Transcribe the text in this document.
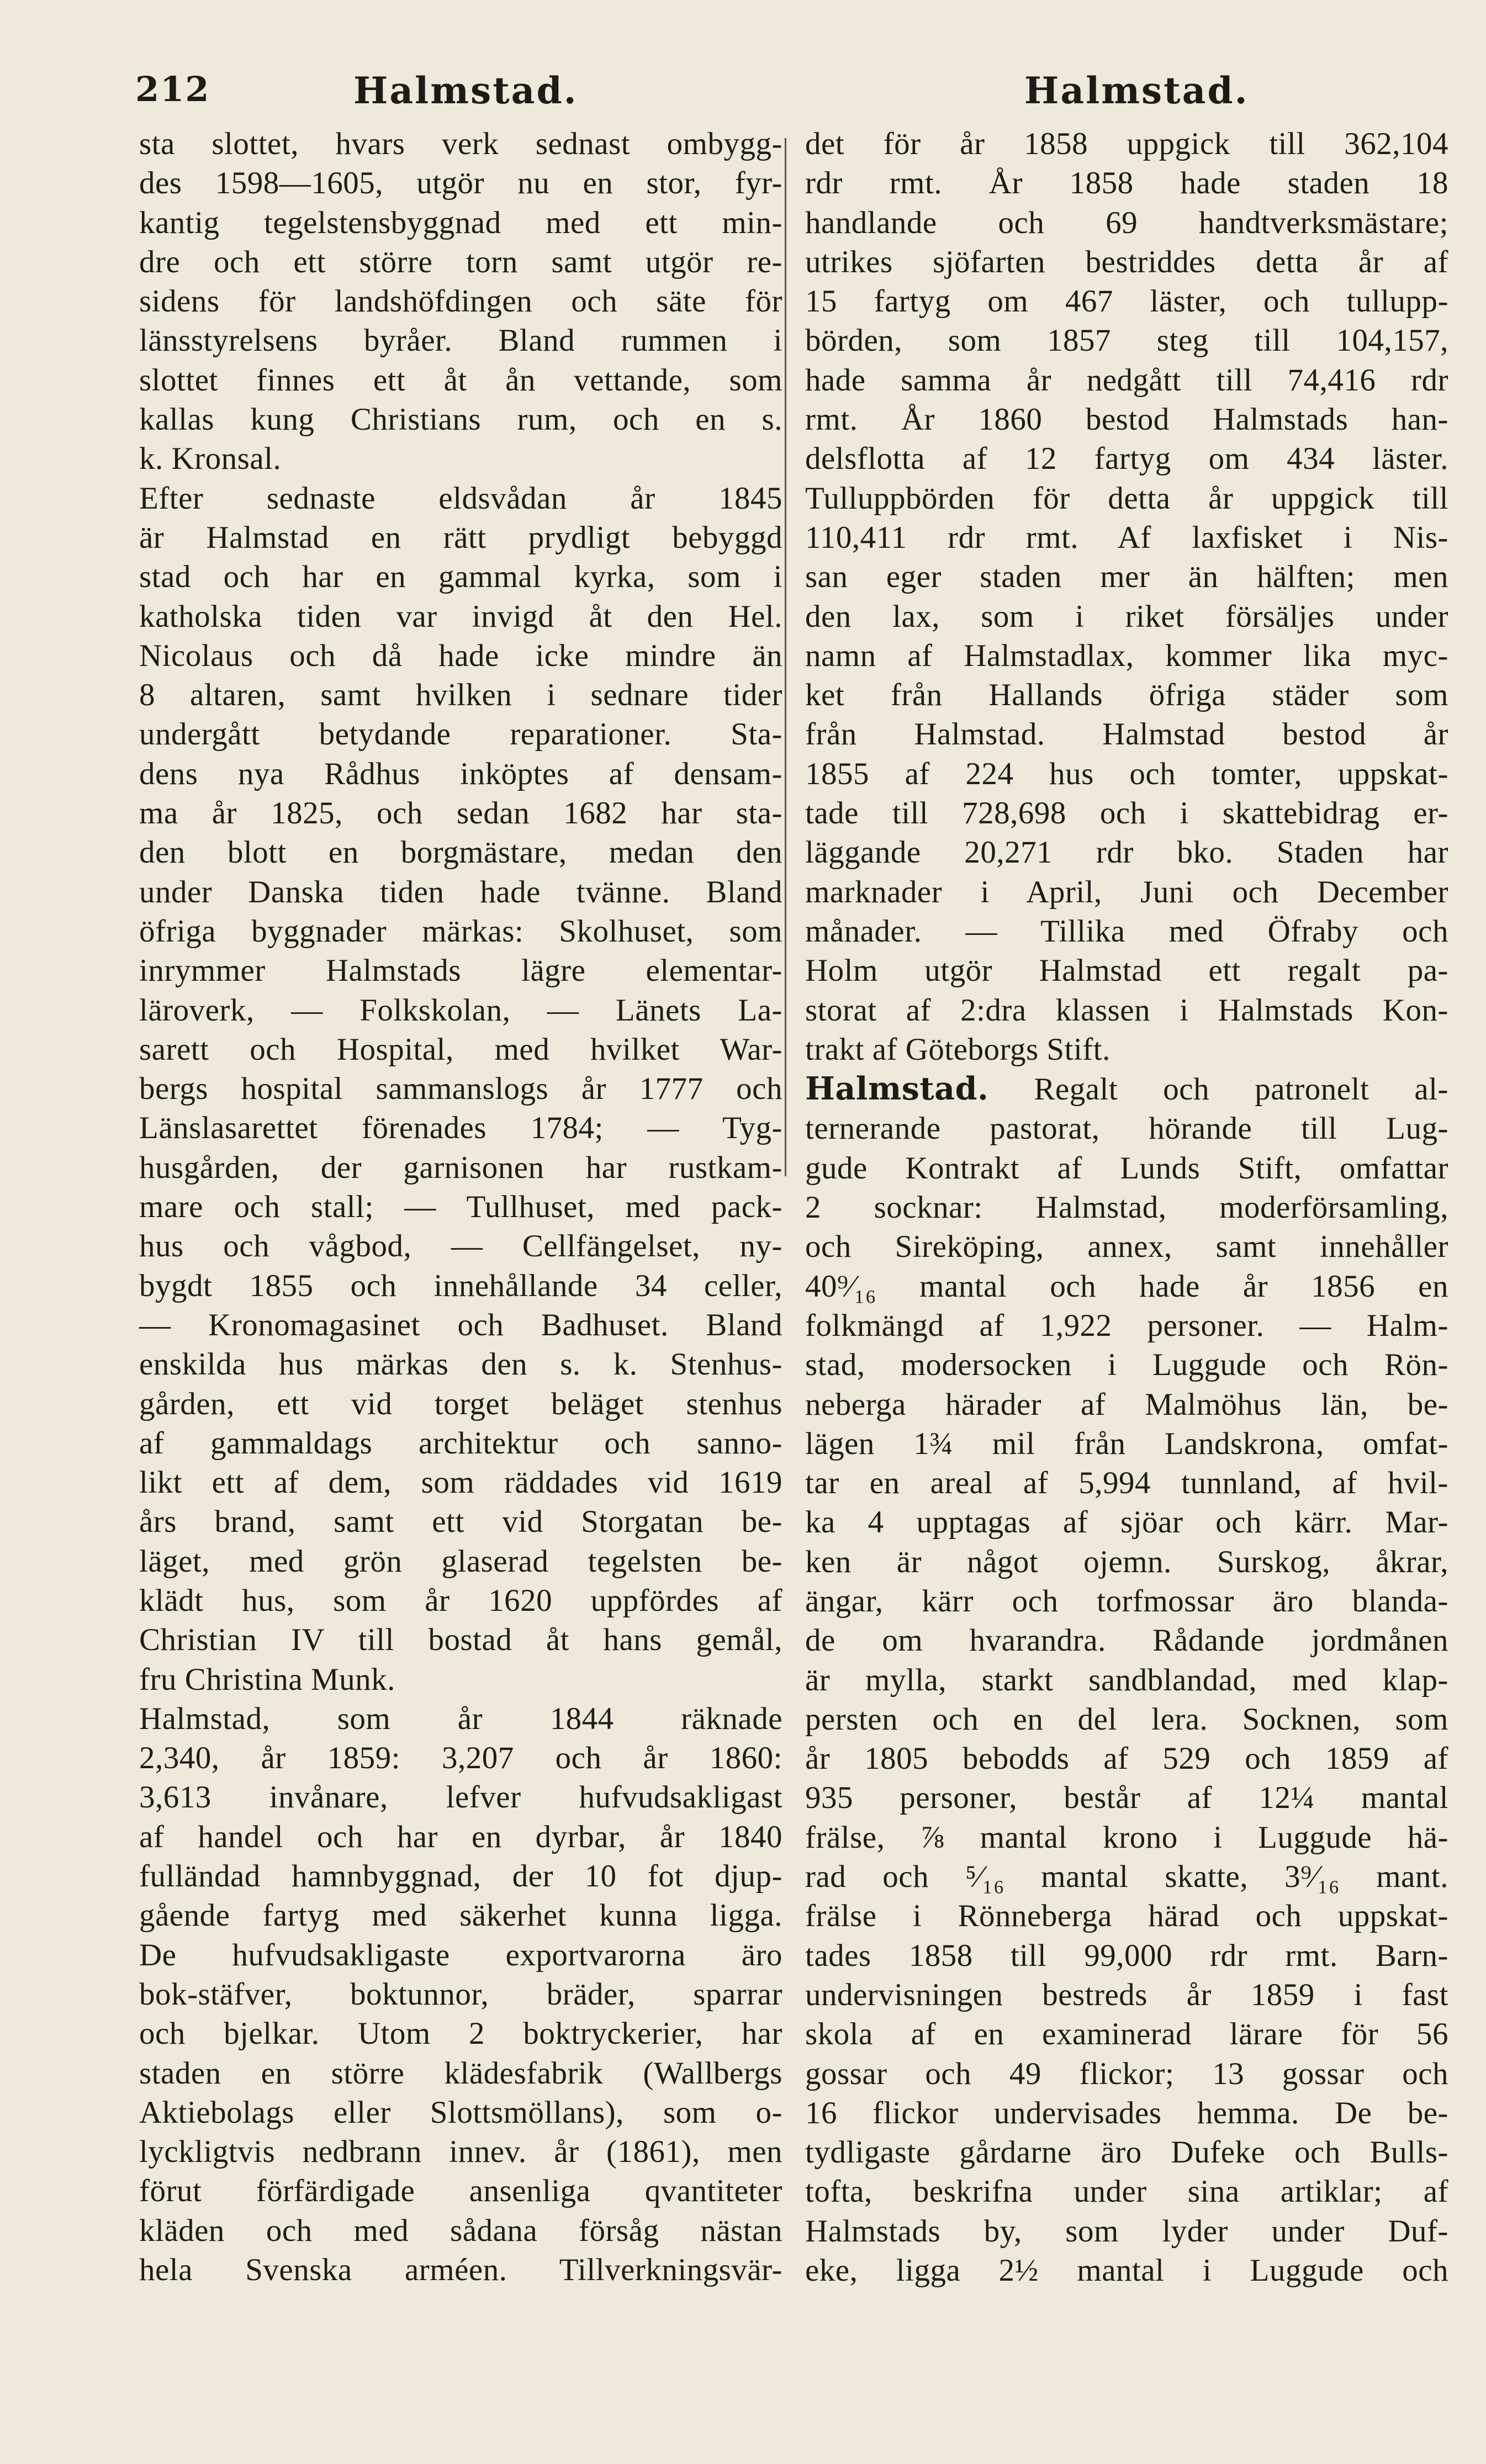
212	Halmstad.	Halmstad.

sta slottet, hvars verk sednast ombygg-

des 1598—1605, utgör nu en stor, fyr-

kantig tegelstensbyggnad med ett min-

dre och ett större torn samt utgör re-

sidens för landshöfdingen och säte för

länsstyrelsens byråer. Bland rummen i

slottet finnes ett åt ån vettande, som

kallas kung Christians rum, och en s.

k. Kronsal.

Efter sednaste eldsvådan år 1845

är Halmstad en rätt prydligt bebyggd

stad och har en gammal kyrka, som i

katholska tiden var invigd åt den Hel.

Nicolaus och då hade icke mindre än

8 altaren, samt hvilken i sednare tider

undergått betydande reparationer. Sta-

dens nya Rådhus inköptes af densam-

ma år 1825, och sedan 1682 har sta-

den blott en borgmästare, medan den

under Danska tiden hade tvänne. Bland

öfriga byggnader märkas: Skolhuset, som

inrymmer Halmstads lägre elementar-

läroverk, — Folkskolan, — Länets La-

sarett och Hospital, med hvilket War-

bergs hospital sammanslogs år 1777 och

Länslasarettet förenades 1784; — Tyg-

husgården, der garnisonen har rustkam-

mare och stall; — Tullhuset, med pack-

hus och vågbod, — Cellfängelset, ny-

bygdt 1855 och innehållande 34 celler,

— Kronomagasinet och Badhuset. Bland

enskilda hus märkas den s. k. Stenhus-

gården, ett vid torget beläget stenhus

af gammaldags architektur och sanno-

likt ett af dem, som räddades vid 1619

års brand, samt ett vid Storgatan be-

läget, med grön glaserad tegelsten be-

klädt hus, som år 1620 uppfördes af

Christian IV till bostad åt hans gemål,

fru Christina Munk.

Halmstad, som år 1844 räknade

2,340, år 1859: 3,207 och år 1860:

3,613 invånare, lefver hufvudsakligast

af handel och har en dyrbar, år 1840

fulländad hamnbyggnad, der 10 fot djup-

gående fartyg med säkerhet kunna ligga.

De hufvudsakligaste exportvarorna äro

bok-stäfver, boktunnor, bräder, sparrar

och bjelkar. Utom 2 boktryckerier, har

staden en större klädesfabrik (Wallbergs

Aktiebolags eller Slottsmöllans), som o-

lyckligtvis nedbrann innev. år (1861), men

förut förfärdigade ansenliga qvantiteter

kläden och med sådana försåg nästan

hela Svenska arméen. Tillverkningsvär-

det för år 1858 uppgick till 362,104

rdr rmt. År 1858 hade staden 18

handlande och 69 handtverksmästare;

utrikes sjöfarten bestriddes detta år af

15 fartyg om 467 läster, och tullupp-

börden, som 1857 steg till 104,157,

hade samma år nedgått till 74,416 rdr

rmt. År 1860 bestod Halmstads han-

delsflotta af 12 fartyg om 434 läster.

Tulluppbörden för detta år uppgick till

110,411 rdr rmt. Af laxfisket i Nis-

san eger staden mer än hälften; men

den lax, som i riket försäljes under

namn af Halmstadlax, kommer lika myc-

ket från Hallands öfriga städer som

från Halmstad. Halmstad bestod år

1855 af 224 hus och tomter, uppskat-

tade till 728,698 och i skattebidrag er-

läggande 20,271 rdr bko. Staden har

marknader i April, Juni och December

månader. — Tillika med Öfraby och

Holm utgör Halmstad ett regalt pa-

storat af 2:dra klassen i Halmstads Kon-

trakt af Göteborgs Stift.

Halmstad. Regalt och patronelt al-

ternerande pastorat, hörande till Lug-

gude Kontrakt af Lunds Stift, omfattar

2 socknar: Halmstad, moderförsamling,

och Sireköping, annex, samt innehåller

40⁹⁄₁₆ mantal och hade år 1856 en

folkmängd af 1,922 personer. — Halm-

stad, modersocken i Luggude och Rön-

neberga härader af Malmöhus län, be-

lägen 1¾ mil från Landskrona, omfat-

tar en areal af 5,994 tunnland, af hvil-

ka 4 upptagas af sjöar och kärr. Mar-

ken är något ojemn. Surskog, åkrar,

ängar, kärr och torfmossar äro blanda-

de om hvarandra. Rådande jordmånen

är mylla, starkt sandblandad, med klap-

persten och en del lera. Socknen, som

år 1805 bebodds af 529 och 1859 af

935 personer, består af 12¼ mantal

frälse, ⅞ mantal krono i Luggude hä-

rad och ⁵⁄₁₆ mantal skatte, 3⁹⁄₁₆ mant.

frälse i Rönneberga härad och uppskat-

tades 1858 till 99,000 rdr rmt. Barn-

undervisningen bestreds år 1859 i fast

skola af en examinerad lärare för 56

gossar och 49 flickor; 13 gossar och

16 flickor undervisades hemma. De be-

tydligaste gårdarne äro Dufeke och Bulls-

tofta, beskrifna under sina artiklar; af

Halmstads by, som lyder under Duf-

eke, ligga 2½ mantal i Luggude och
